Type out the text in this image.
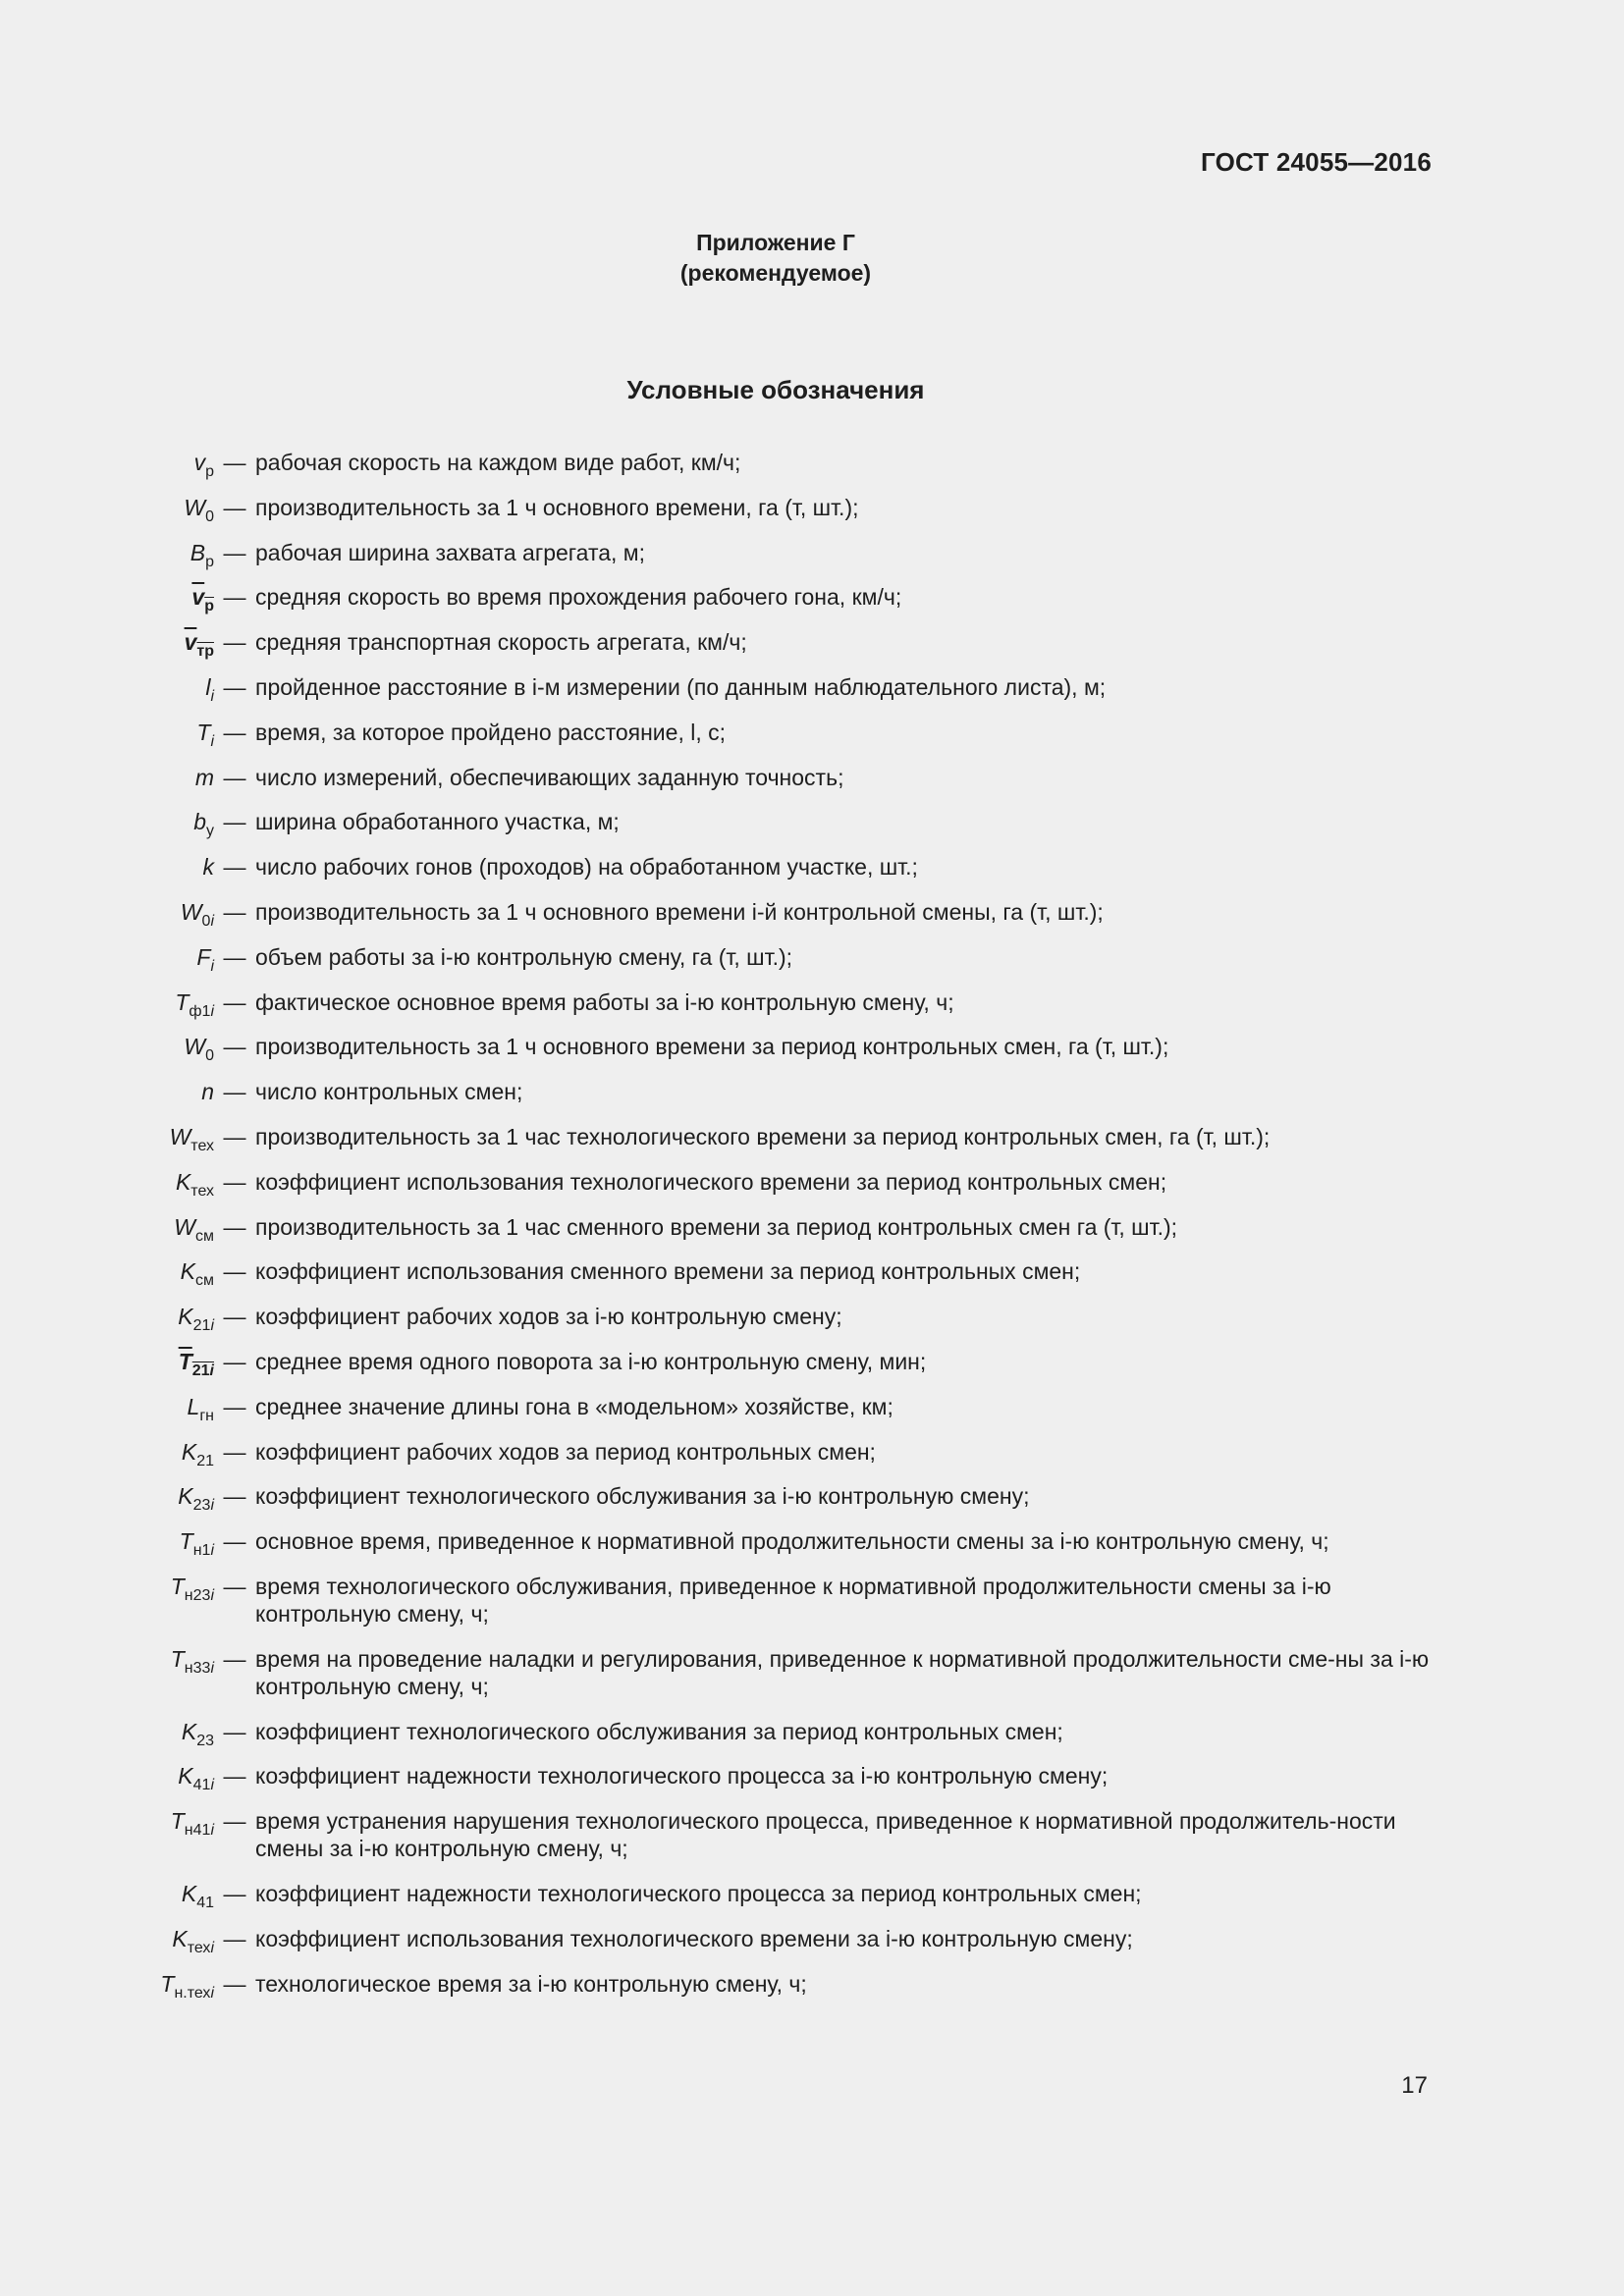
ГОСТ 24055—2016
Приложение Г
(рекомендуемое)
Условные обозначения
$v_р$ — рабочая скорость на каждом виде работ, км/ч;
$W_0$ — производительность за 1 ч основного времени, га (т, шт.);
$B_р$ — рабочая ширина захвата агрегата, м;
$\overline{v}_р$ — средняя скорость во время прохождения рабочего гона, км/ч;
$\overline{v}_{тр}$ — средняя транспортная скорость агрегата, км/ч;
$l_i$ — пройденное расстояние в i-м измерении (по данным наблюдательного листа), м;
$T_i$ — время, за которое пройдено расстояние, l, с;
m — число измерений, обеспечивающих заданную точность;
$b_у$ — ширина обработанного участка, м;
k — число рабочих гонов (проходов) на обработанном участке, шт.;
$W_{0i}$ — производительность за 1 ч основного времени i-й контрольной смены, га (т, шт.);
$F_i$ — объем работы за i-ю контрольную смену, га (т, шт.);
$T_{ф1i}$ — фактическое основное время работы за i-ю контрольную смену, ч;
$W_0$ — производительность за 1 ч основного времени за период контрольных смен, га (т, шт.);
n — число контрольных смен;
$W_{тех}$ — производительность за 1 час технологического времени за период контрольных смен, га (т, шт.);
$K_{тех}$ — коэффициент использования технологического времени за период контрольных смен;
$W_{см}$ — производительность за 1 час сменного времени за период контрольных смен га (т, шт.);
$K_{см}$ — коэффициент использования сменного времени за период контрольных смен;
$K_{21i}$ — коэффициент рабочих ходов за i-ю контрольную смену;
$\overline{T}_{21\overline{i}}$ — среднее время одного поворота за i-ю контрольную смену, мин;
$L_{гн}$ — среднее значение длины гона в «модельном» хозяйстве, км;
$K_{21}$ — коэффициент рабочих ходов за период контрольных смен;
$K_{23i}$ — коэффициент технологического обслуживания за i-ю контрольную смену;
$T_{н1i}$ — основное время, приведенное к нормативной продолжительности смены за i-ю контрольную смену, ч;
$T_{н23i}$ — время технологического обслуживания, приведенное к нормативной продолжительности смены за i-ю контрольную смену, ч;
$T_{н33i}$ — время на проведение наладки и регулирования, приведенное к нормативной продолжительности сме-ны за i-ю контрольную смену, ч;
$K_{23}$ — коэффициент технологического обслуживания за период контрольных смен;
$K_{41i}$ — коэффициент надежности технологического процесса за i-ю контрольную смену;
$T_{н41i}$ — время устранения нарушения технологического процесса, приведенное к нормативной продолжитель-ности смены за i-ю контрольную смену, ч;
$K_{41}$ — коэффициент надежности технологического процесса за период контрольных смен;
$K_{техi}$ — коэффициент использования технологического времени за i-ю контрольную смену;
$T_{н.техi}$ — технологическое время за i-ю контрольную смену, ч;
17
